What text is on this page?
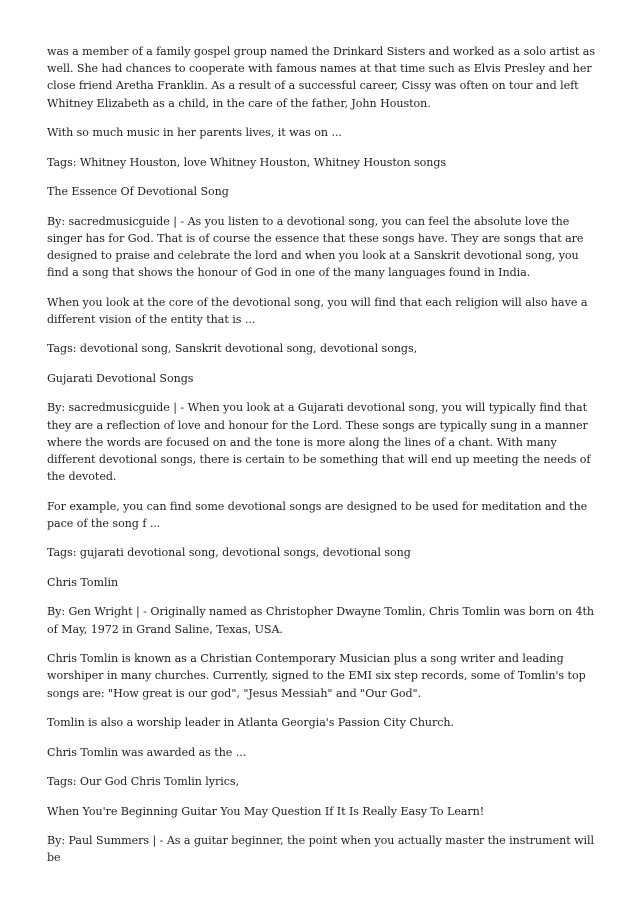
was a member of a family gospel group named the Drinkard Sisters and worked as a solo artist as well. She had chances to cooperate with famous names at that time such as Elvis Presley and her close friend Aretha Franklin. As a result of a successful career, Cissy was often on tour and left Whitney Elizabeth as a child, in the care of the father, John Houston.

With so much music in her parents lives, it was on ...

Tags: Whitney Houston, love Whitney Houston, Whitney Houston songs

The Essence Of Devotional Song

By: sacredmusicguide | - As you listen to a devotional song, you can feel the absolute love the singer has for God. That is of course the essence that these songs have. They are songs that are designed to praise and celebrate the lord and when you look at a Sanskrit devotional song, you find a song that shows the honour of God in one of the many languages found in India.

When you look at the core of the devotional song, you will find that each religion will also have a different vision of the entity that is ...

Tags: devotional song, Sanskrit devotional song, devotional songs,

Gujarati Devotional Songs

By: sacredmusicguide | - When you look at a Gujarati devotional song, you will typically find that they are a reflection of love and honour for the Lord. These songs are typically sung in a manner where the words are focused on and the tone is more along the lines of a chant. With many different devotional songs, there is certain to be something that will end up meeting the needs of the devoted.

For example, you can find some devotional songs are designed to be used for meditation and the pace of the song f ...

Tags: gujarati devotional song, devotional songs, devotional song

Chris Tomlin

By: Gen Wright | - Originally named as Christopher Dwayne Tomlin, Chris Tomlin was born on 4th of May, 1972 in Grand Saline, Texas, USA.

Chris Tomlin is known as a Christian Contemporary Musician plus a song writer and leading worshiper in many churches. Currently, signed to the EMI six step records, some of Tomlin's top songs are: "How great is our god", "Jesus Messiah" and "Our God".

Tomlin is also a worship leader in Atlanta Georgia's Passion City Church.

Chris Tomlin was awarded as the ...

Tags: Our God Chris Tomlin lyrics,

When You're Beginning Guitar You May Question If It Is Really Easy To Learn!

By: Paul Summers | - As a guitar beginner, the point when you actually master the instrument will be
